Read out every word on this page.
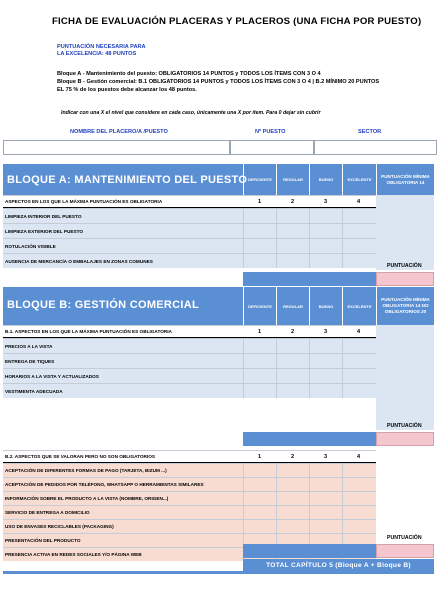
FICHA DE EVALUACIÓN PLACERAS Y PLACEROS (UNA FICHA POR PUESTO)
PUNTUACIÓN NECESARIA PARA
LA EXCELENCIA: 48 PUNTOS
Bloque A - Mantenimiento del puesto: OBLIGATORIOS 14 PUNTOS y TODOS LOS ÍTEMS CON 3 O 4
Bloque B - Gestión comercial: B.1 OBLIGATORIOS 14 PUNTOS y TODOS LOS ÍTEMS CON 3 O 4 | B.2 MÍNIMO 20 PUNTOS
EL 75 % de los puestos debe alcanzar los 48 puntos.
Indicar con una X el nivel que considere en cada caso, únicamente una X por ítem. Para 0 dejar sin cubrir
NOMBRE DEL PLACERO/A /PUESTO	Nº PUESTO	SECTOR
BLOQUE A: MANTENIMIENTO DEL PUESTO DEFICIENTE	REGULAR	BUENO	EXCELENTE
PUNTUACIÓN MÍNIMA OBLIGATORIA 14
ASPECTOS EN LOS QUE LA MÁXIMA PUNTUACIÓN ES OBLIGATORIA	1	2	3	4
LIMPIEZA INTERIOR DEL PUESTO
LIMPIEZA EXTERIOR DEL PUESTO
ROTULACIÓN VISIBLE
AUSENCIA DE MERCANCÍA O EMBALAJES EN ZONAS COMUNES
PUNTUACIÓN
BLOQUE B: GESTIÓN COMERCIAL	DEFICIENTE	REGULAR	BUENO	EXCELENTE
PUNTUACIÓN MÍNIMA OBLIGATORIA 14 NO OBLIGATORIOS 20
B.1. ASPECTOS EN LOS QUE LA MÁXIMA PUNTUACIÓN ES OBLIGATORIA	1	2	3	4
PRECIOS A LA VISTA
ENTREGA DE TIQUES
HORARIOS A LA VISTA Y ACTUALIZADOS
VESTIMENTA ADECUADA
PUNTUACIÓN
B.2. ASPECTOS QUE SE VALORAN PERO NO SON OBLIGATORIOS	1	2	3	4
ACEPTACIÓN DE DIFERENTES FORMAS DE PAGO (TARJETA, BIZUM ...)
ACEPTACIÓN DE PEDIDOS POR TELÉFONO, WHATSAPP O HERRAMIENTAS SIMILARES
INFORMACIÓN SOBRE EL PRODUCTO A LA VISTA (NOMBRE, ORIGEN...)
SERVICIO DE ENTREGA A DOMICILIO
USO DE ENVASES RECICLABLES (PACKAGING)
PRESENTACIÓN DEL PRODUCTO
PRESENCIA ACTIVA EN REDES SOCIALES Y/O PÁGINA WEB
PUNTUACIÓN
TOTAL CAPÍTULO 5 (Bloque A + Bloque B)
